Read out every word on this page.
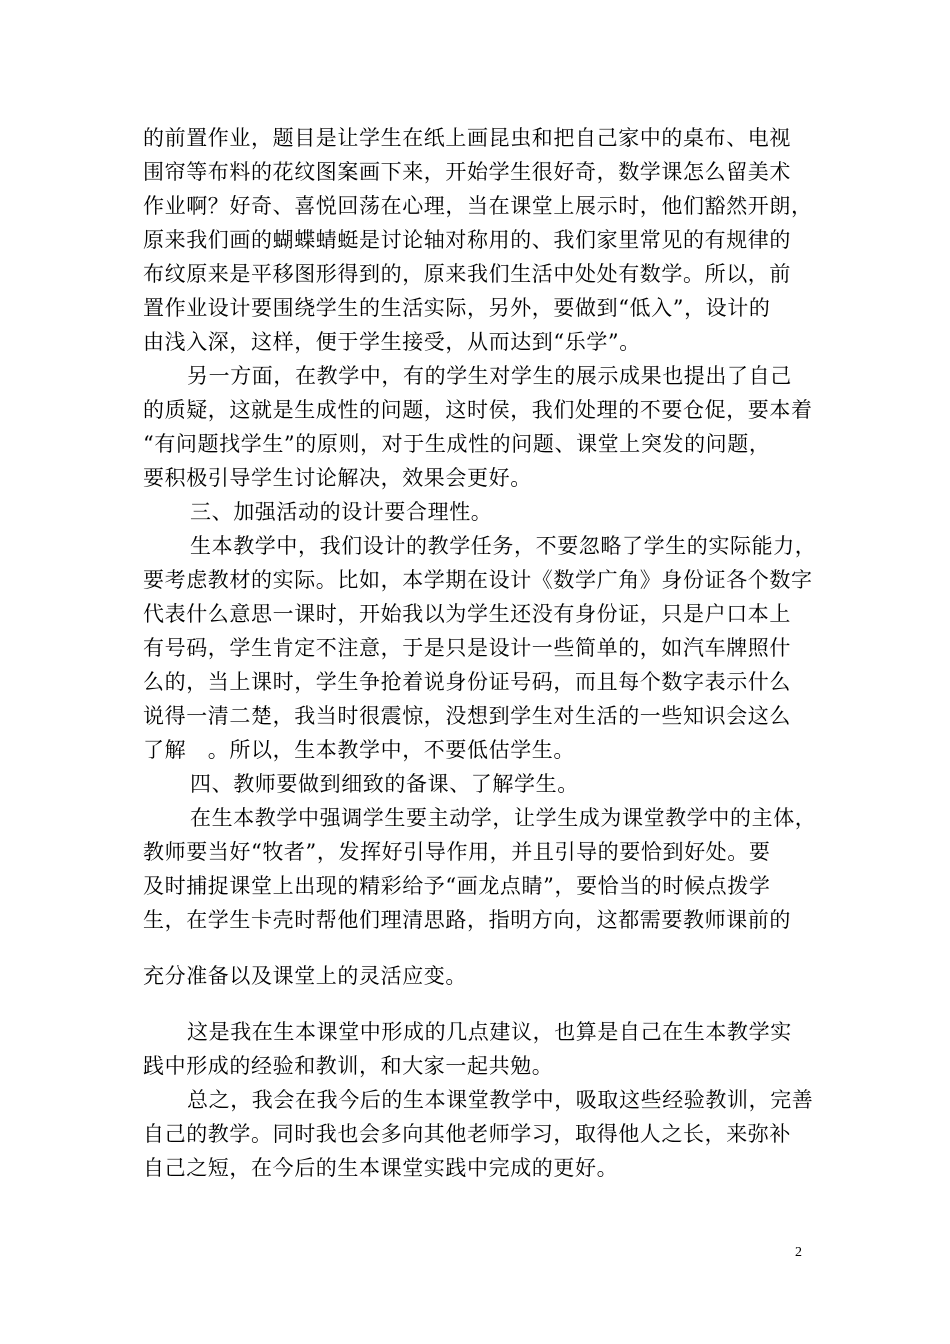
的前置作业，题目是让学生在纸上画昆虫和把自己家中的桌布、电视
围帘等布料的花纹图案画下来，开始学生很好奇，数学课怎么留美术
作业啊？好奇、喜悦回荡在心理，当在课堂上展示时，他们豁然开朗，
原来我们画的蝴蝶蜻蜓是讨论轴对称用的、我们家里常见的有规律的
布纹原来是平移图形得到的，原来我们生活中处处有数学。所以，前
置作业设计要围绕学生的生活实际，另外，要做到“低入”，设计的
由浅入深，这样，便于学生接受，从而达到“乐学”。
另一方面，在教学中，有的学生对学生的展示成果也提出了自己
的质疑，这就是生成性的问题，这时侯，我们处理的不要仓促，要本着
“有问题找学生”的原则，对于生成性的问题、课堂上突发的问题，
要积极引导学生讨论解决，效果会更好。
三、加强活动的设计要合理性。
生本教学中，我们设计的教学任务，不要忽略了学生的实际能力，
要考虑教材的实际。比如，本学期在设计《数学广角》身份证各个数字
代表什么意思一课时，开始我以为学生还没有身份证，只是户口本上
有号码，学生肯定不注意，于是只是设计一些简单的，如汽车牌照什
么的，当上课时，学生争抢着说身份证号码，而且每个数字表示什么
说得一清二楚，我当时很震惊，没想到学生对生活的一些知识会这么
了解　。所以，生本教学中，不要低估学生。
四、教师要做到细致的备课、了解学生。
在生本教学中强调学生要主动学，让学生成为课堂教学中的主体，
教师要当好“牧者”，发挥好引导作用，并且引导的要恰到好处。要
及时捕捉课堂上出现的精彩给予“画龙点睛”，要恰当的时候点拨学
生，在学生卡壳时帮他们理清思路，指明方向，这都需要教师课前的
充分准备以及课堂上的灵活应变。
这是我在生本课堂中形成的几点建议，也算是自己在生本教学实
践中形成的经验和教训，和大家一起共勉。
总之，我会在我今后的生本课堂教学中，吸取这些经验教训，完善
自己的教学。同时我也会多向其他老师学习，取得他人之长，来弥补
自己之短，在今后的生本课堂实践中完成的更好。
2
